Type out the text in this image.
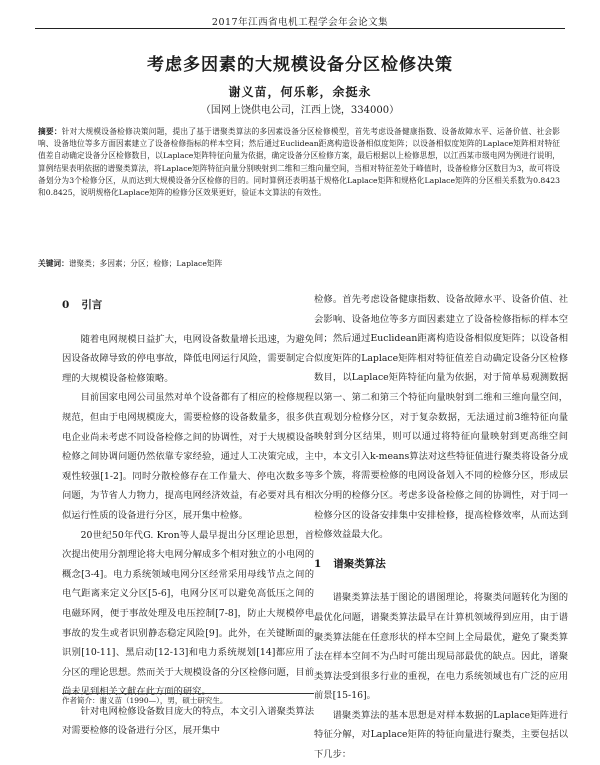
2017年江西省电机工程学会年会论文集
考虑多因素的大规模设备分区检修决策
谢义苗，何乐彰，余挺永
（国网上饶供电公司，江西上饶，334000）
摘要：针对大规模设备检修决策问题，提出了基于谱聚类算法的多因素设备分区检修模型，首先考虑设备健康指数、设备故障水平、运备价值、社会影响、设备地位等多方面因素建立了设备检修指标的样本空间；然后通过Euclidean距离构造设备相似度矩阵；以设备相似度矩阵的Laplace矩阵相对特征值差自动确定设备分区检修数目，以Laplace矩阵特征向量为依据，确定设备分区检修方案，最后根据以上检修思想，以江西某市级电网为例进行说明，算例结果表明依据的谱聚类算法，将Laplace矩阵特征向量分别映射到二维和三维向量空间，当相对特征差处于峰值时，设备检修分区数目为3，故可将设备划分为3个检修分区，从而达到大规模设备分区检修的目的。同时算例还表明基于规格化Laplace矩阵和规格化Laplace矩阵的分区相关系数为0.8423和0.8425，说明规格化Laplace矩阵的检修分区效果更好，验证本文算法的有效性。
关键词：谱聚类；多因素；分区；检修；Laplace矩阵
0 引言

随着电网规模日益扩大，电网设备数量增长迅速，为避免因设备故障导致的停电事故，降低电网运行风险，需要制定合理的大规模设备检修策略。

目前国家电网公司虽然对单个设备都有了相应的检修规程规范，但由于电网规模庞大，需要检修的设备数量多，很多供电企业尚未考虑不同设备检修之间的协调性，对于大规模设备检修之间协调问题仍然依靠专家经验，通过人工决策完成，主观性较强[1-2]。同时分散检修存在工作量大、停电次数多等问题，为节省人力物力，提高电网经济效益，有必要对具有相似运行性质的设备进行分区，展开集中检修。

20世纪50年代G. Kron等人最早提出分区理论思想，首次提出使用分割理论将大电网分解成多个相对独立的小电网的概念[3-4]。电力系统领域电网分区经常采用母线节点之间的电气距离来定义分区[5-6]，电网分区可以避免高低压之间的电磁环网，便于事故处理及电压控制[7-8]，防止大规模停电事故的发生或者识别静态稳定风险[9]。此外，在关键断面的识别[10-11]、黑启动[12-13]和电力系统规划[14]都应用了分区的理论思想。然而关于大规模设备的分区检修问题，目前尚未见到相关文献在此方面的研究。

针对电网检修设备数目庞大的特点，本文引入谱聚类算法对需要检修的设备进行分区，展开集中

检修。首先考虑设备健康指数、设备故障水平、设备价值、社会影响、设备地位等多方面因素建立了设备检修指标的样本空间；然后通过Euclidean距离构造设备相似度矩阵；以设备相似度矩阵的Laplace矩阵相对特征值差自动确定设备分区检修数目，以Laplace矩阵特征向量为依据，对于简单易观测数据以第一、第二和第三个特征向量映射到二维和三维向量空间，直观划分检修分区，对于复杂数据，无法通过前3维特征向量映射到分区结果，则可以通过将特征向量映射到更高维空间中，本文引入k-means算法对这些特征值进行聚类将设备分成多个簇，将需要检修的电网设备划入不同的检修分区，形成层次分明的检修分区。考虑多设备检修之间的协调性，对于同一检修分区的设备安排集中安排检修，提高检修效率，从而达到检修效益最大化。

1 谱聚类算法

谱聚类算法基于图论的谱图理论，将聚类问题转化为图的最优化问题，谱聚类算法最早在计算机领域得到应用，由于谱聚类算法能在任意形状的样本空间上全局最优，避免了聚类算法在样本空间不为凸时可能出现局部最优的缺点。因此，谱聚类算法受到很多行业的重视，在电力系统领域也有广泛的应用前景[15-16]。

谱聚类算法的基本思想是对样本数据的Laplace矩阵进行特征分解，对Laplace矩阵的特征向量进行聚类，主要包括以下几步：

作者简介：谢义苗（1990—），男，硕士研究生。
